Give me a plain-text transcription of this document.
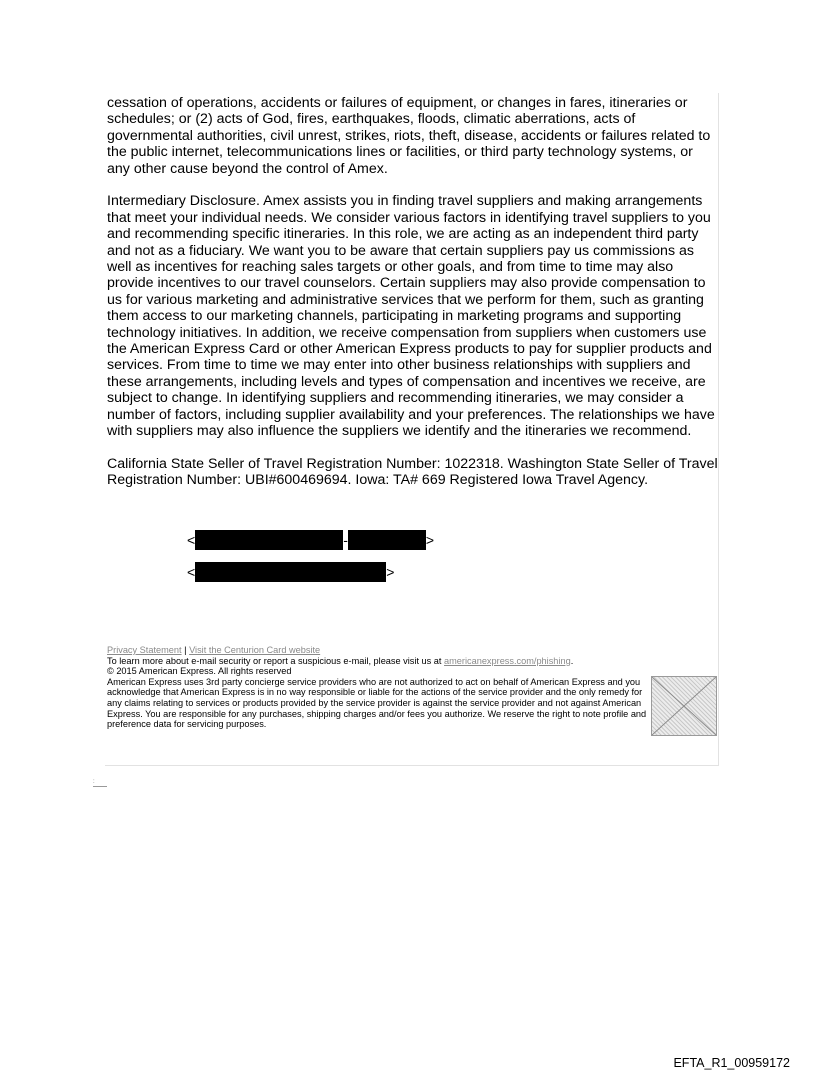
cessation of operations, accidents or failures of equipment, or changes in fares, itineraries or schedules; or (2) acts of God, fires, earthquakes, floods, climatic aberrations, acts of governmental authorities, civil unrest, strikes, riots, theft, disease, accidents or failures related to the public internet, telecommunications lines or facilities, or third party technology systems, or any other cause beyond the control of Amex.

Intermediary Disclosure. Amex assists you in finding travel suppliers and making arrangements that meet your individual needs. We consider various factors in identifying travel suppliers to you and recommending specific itineraries. In this role, we are acting as an independent third party and not as a fiduciary. We want you to be aware that certain suppliers pay us commissions as well as incentives for reaching sales targets or other goals, and from time to time may also provide incentives to our travel counselors. Certain suppliers may also provide compensation to us for various marketing and administrative services that we perform for them, such as granting them access to our marketing channels, participating in marketing programs and supporting technology initiatives. In addition, we receive compensation from suppliers when customers use the American Express Card or other American Express products to pay for supplier products and services. From time to time we may enter into other business relationships with suppliers and these arrangements, including levels and types of compensation and incentives we receive, are subject to change. In identifying suppliers and recommending itineraries, we may consider a number of factors, including supplier availability and your preferences. The relationships we have with suppliers may also influence the suppliers we identify and the itineraries we recommend.

California State Seller of Travel Registration Number: 1022318. Washington State Seller of Travel Registration Number: UBI#600469694. Iowa: TA# 669 Registered Iowa Travel Agency.

<	-	>
<	>
Privacy Statement | Visit the Centurion Card website
To learn more about e-mail security or report a suspicious e-mail, please visit us at americanexpress.com/phishing.
© 2015 American Express. All rights reserved
American Express uses 3rd party concierge service providers who are not authorized to act on behalf of American Express and you acknowledge that American Express is in no way responsible or liable for the actions of the service provider and the only remedy for any claims relating to services or products provided by the service provider is against the service provider and not against American Express. You are responsible for any purchases, shipping charges and/or fees you authorize. We reserve the right to note profile and preference data for servicing purposes.
:
EFTA_R1_00959172
